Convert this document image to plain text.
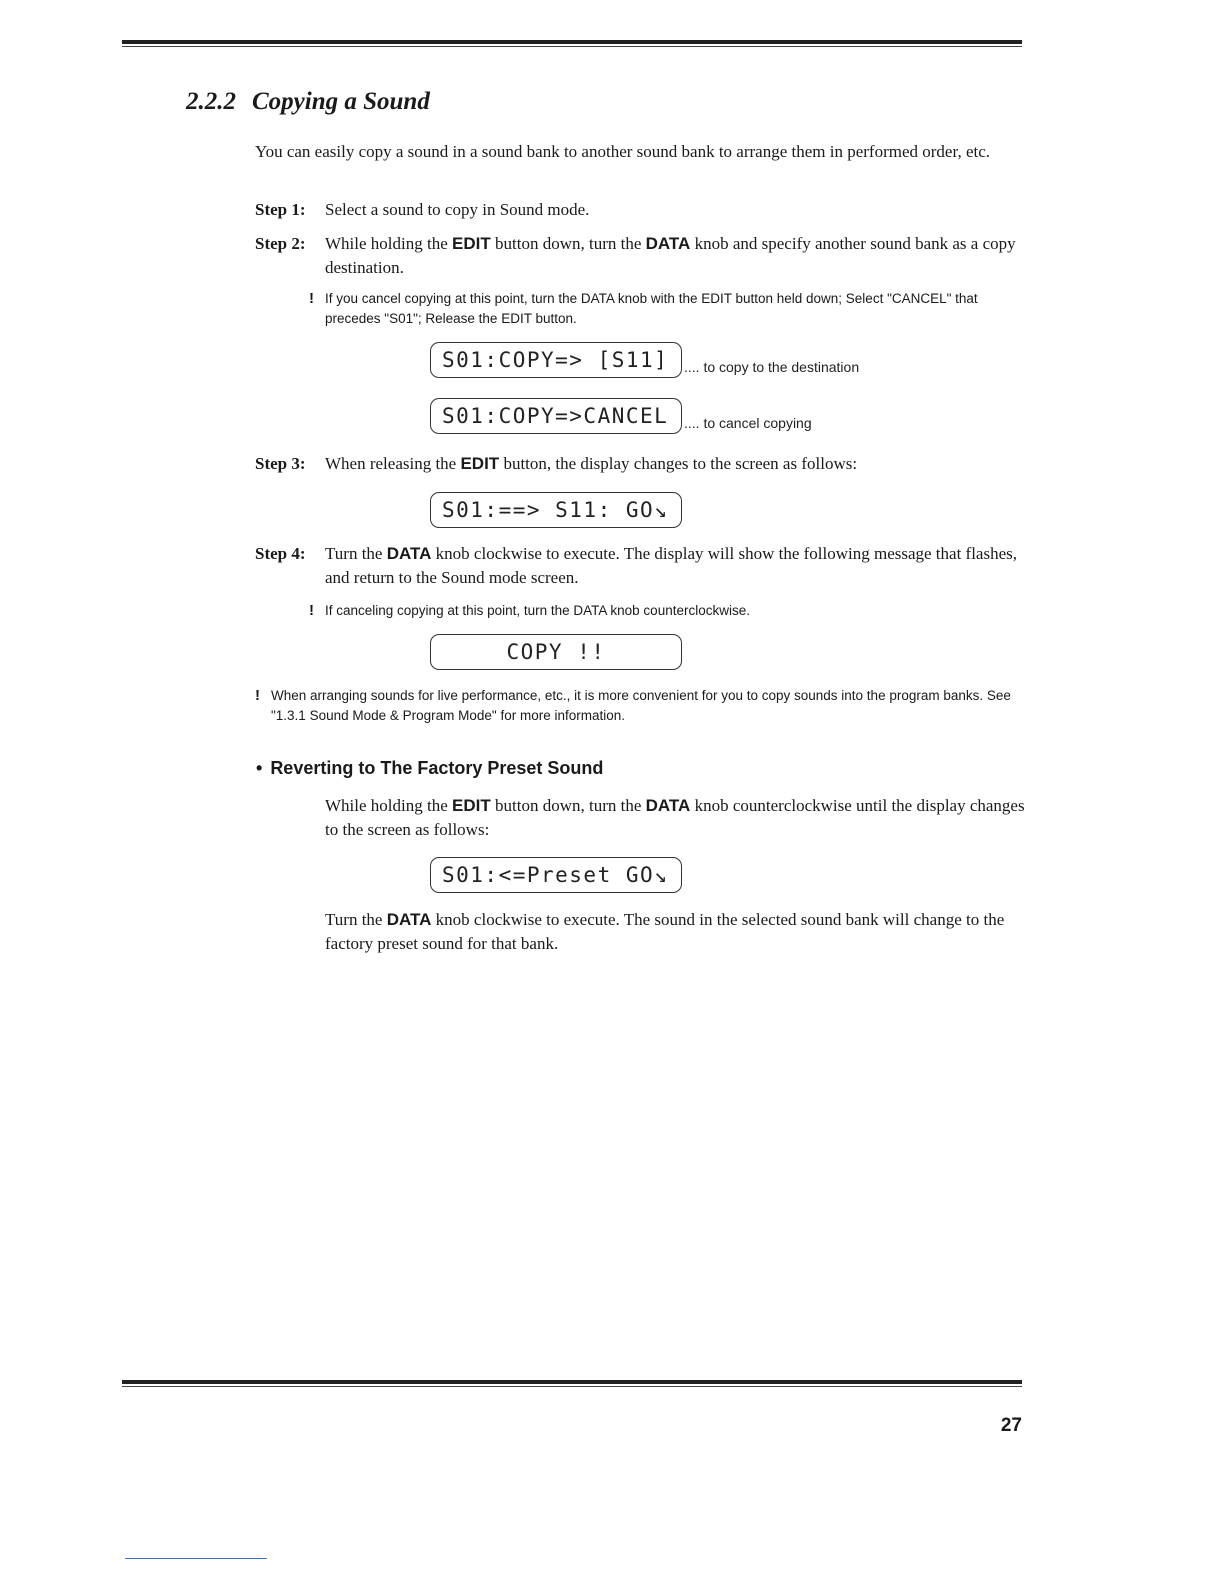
2.2.2 Copying a Sound
You can easily copy a sound in a sound bank to another sound bank to arrange them in performed order, etc.
Step 1:	Select a sound to copy in Sound mode.
Step 2:	While holding the EDIT button down, turn the DATA knob and specify another sound bank as a copy destination.
! If you cancel copying at this point, turn the DATA knob with the EDIT button held down; Select "CANCEL" that precedes "S01"; Release the EDIT button.
S01:COPY=> [S11]	.... to copy to the destination
S01:COPY=>CANCEL	.... to cancel copying
Step 3:	When releasing the EDIT button, the display changes to the screen as follows:
S01:==> S11: GO↘
Step 4:	Turn the DATA knob clockwise to execute. The display will show the following message that flashes, and return to the Sound mode screen.
! If canceling copying at this point, turn the DATA knob counterclockwise.
COPY !!
! When arranging sounds for live performance, etc., it is more convenient for you to copy sounds into the program banks. See "1.3.1 Sound Mode & Program Mode" for more information.
• Reverting to The Factory Preset Sound
While holding the EDIT button down, turn the DATA knob counterclockwise until the display changes to the screen as follows:
S01:<=Preset GO↘
Turn the DATA knob clockwise to execute. The sound in the selected sound bank will change to the factory preset sound for that bank.
27
